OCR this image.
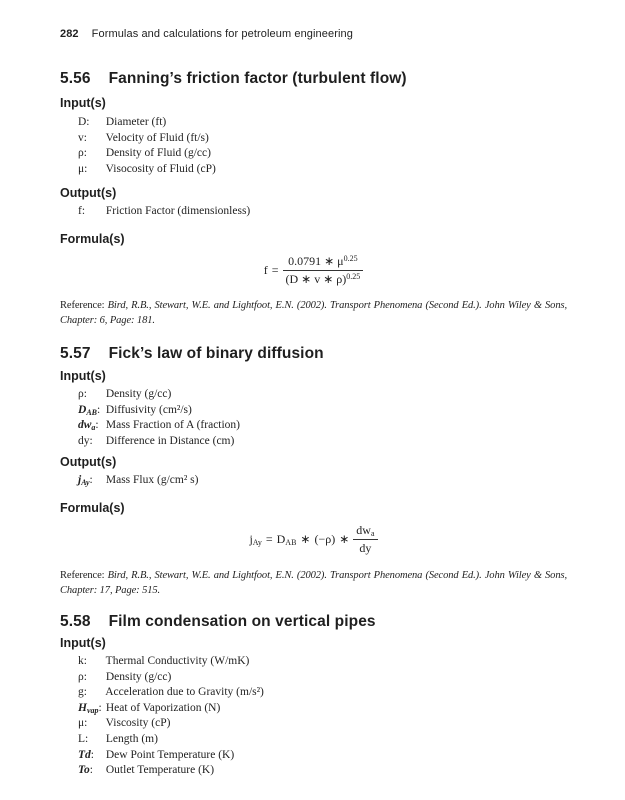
282 Formulas and calculations for petroleum engineering
5.56 Fanning’s friction factor (turbulent flow)
Input(s)
D: Diameter (ft)
v: Velocity of Fluid (ft/s)
ρ: Density of Fluid (g/cc)
μ: Visocosity of Fluid (cP)
Output(s)
f: Friction Factor (dimensionless)
Formula(s)
$f = \frac{0.0791 ∗ \mu^{0.25}}{(D ∗ v ∗ \rho)^{0.25}}$

Reference: Bird, R.B., Stewart, W.E. and Lightfoot, E.N. (2002). Transport Phenomena (Second Ed.). John Wiley & Sons, Chapter: 6, Page: 181.

5.57 Fick’s law of binary diffusion
Input(s)
ρ: Density (g/cc)
$D_{AB}$: Diffusivity (cm²/s)
$dw_a$: Mass Fraction of A (fraction)
dy: Difference in Distance (cm)
Output(s)
$j_{Ay}$: Mass Flux (g/cm² s)
Formula(s)
$j_{Ay} = D_{AB}$ ∗ (−ρ) ∗ $\frac{dw_a}{dy}$

Reference: Bird, R.B., Stewart, W.E. and Lightfoot, E.N. (2002). Transport Phenomena (Second Ed.). John Wiley & Sons, Chapter: 17, Page: 515.

5.58 Film condensation on vertical pipes
Input(s)
k: Thermal Conductivity (W/mK)
ρ: Density (g/cc)
g: Acceleration due to Gravity (m/s²)
$H_{vap}$: Heat of Vaporization (N)
μ: Viscosity (cP)
L: Length (m)
Td: Dew Point Temperature (K)
To: Outlet Temperature (K)
